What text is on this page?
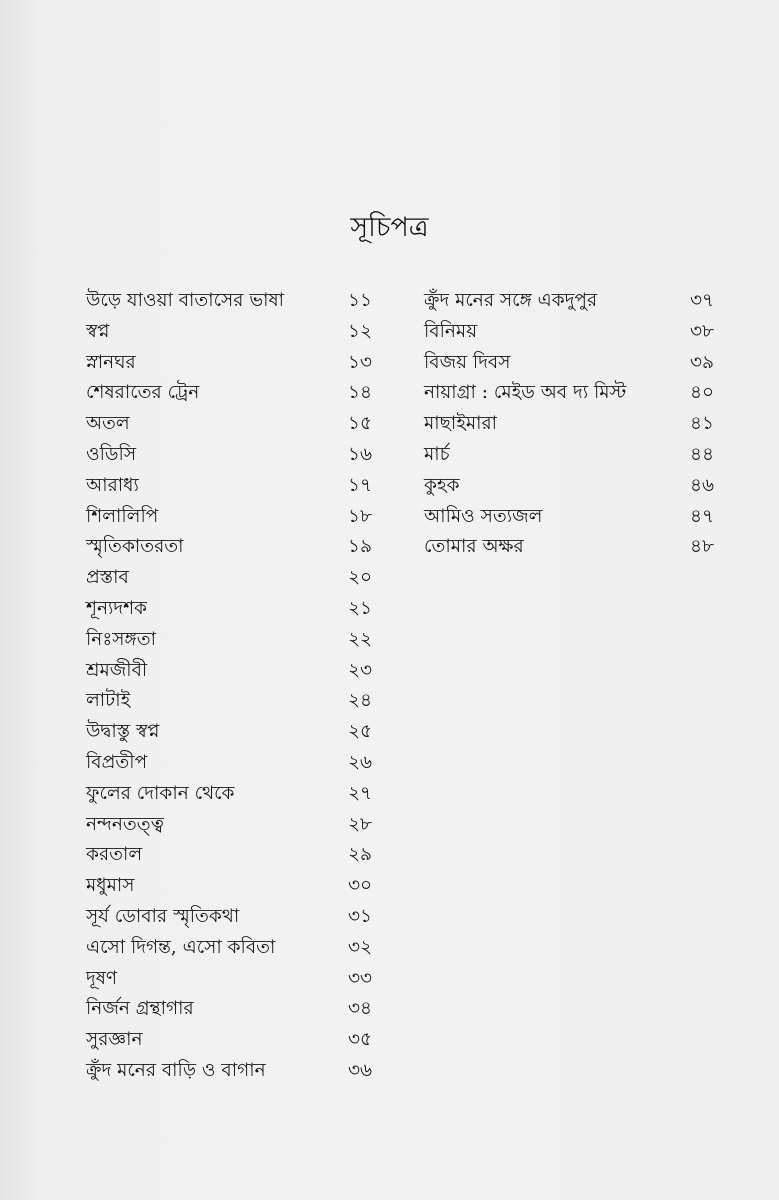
সূচিপত্র
উড়ে যাওয়া বাতাসের ভাষা	১১
স্বপ্ন	১২
স্নানঘর	১৩
শেষরাতের ট্রেন	১৪
অতল	১৫
ওডিসি	১৬
আরাধ্য	১৭
শিলালিপি	১৮
স্মৃতিকাতরতা	১৯
প্রস্তাব	২০
শূন্যদশক	২১
নিঃসঙ্গতা	২২
শ্রমজীবী	২৩
লাটাই	২৪
উদ্বাস্তু স্বপ্ন	২৫
বিপ্রতীপ	২৬
ফুলের দোকান থেকে	২৭
নন্দনতত্ত্ব	২৮
করতাল	২৯
মধুমাস	৩০
সূর্য ডোবার স্মৃতিকথা	৩১
এসো দিগন্ত, এসো কবিতা	৩২
দূষণ	৩৩
নির্জন গ্রন্থাগার	৩৪
সুরজ্ঞান	৩৫
ক্রুঁদ মনের বাড়ি ও বাগান	৩৬
ক্রুঁদ মনের সঙ্গে একদুপুর	৩৭
বিনিময়	৩৮
বিজয় দিবস	৩৯
নায়াগ্রা : মেইড অব দ্য মিস্ট	৪০
মাছাইমারা	৪১
মার্চ	৪৪
কুহক	৪৬
আমিও সত্যজল	৪৭
তোমার অক্ষর	৪৮
